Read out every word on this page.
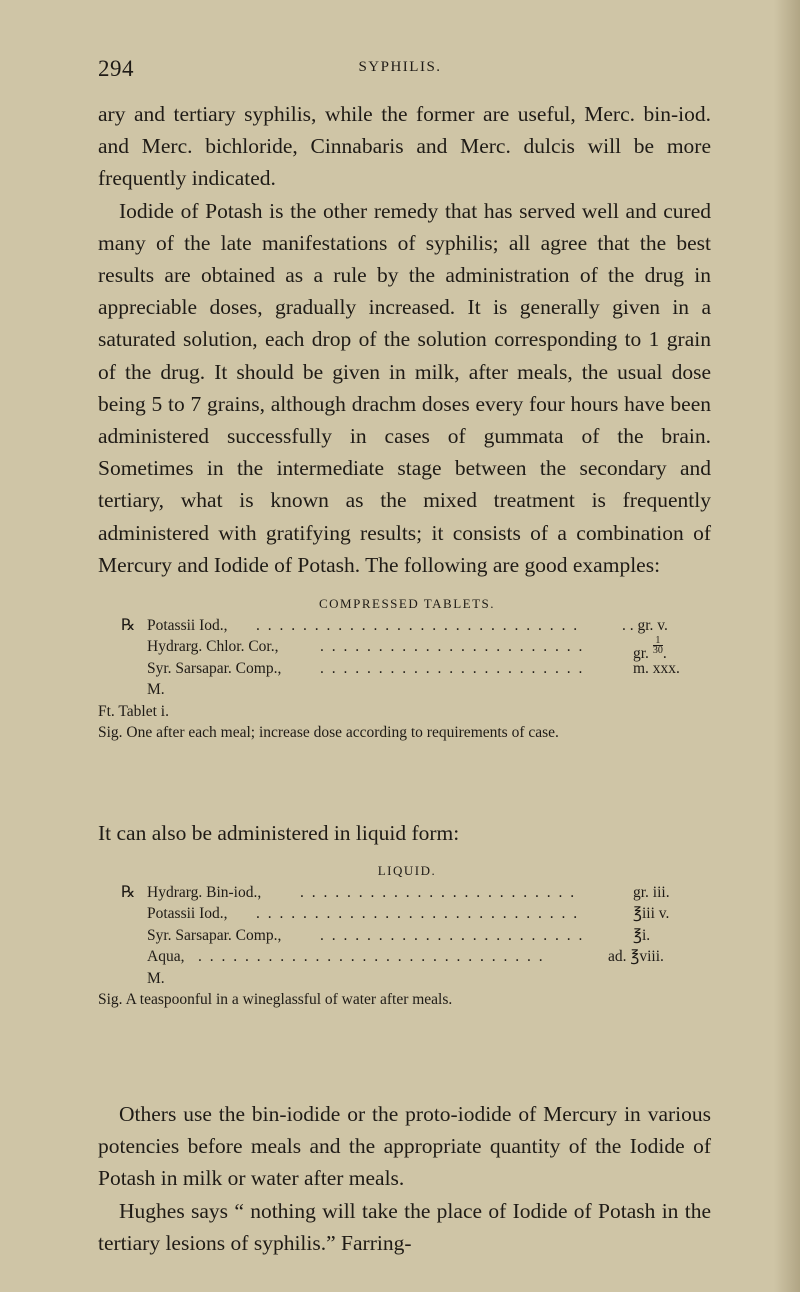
294	SYPHILIS.

ary and tertiary syphilis, while the former are useful, Merc. bin-iod. and Merc. bichloride, Cinnabaris and Merc. dulcis will be more frequently indicated.

Iodide of Potash is the other remedy that has served well and cured many of the late manifestations of syphilis; all agree that the best results are obtained as a rule by the administration of the drug in appreciable doses, gradually increased. It is generally given in a saturated solution, each drop of the solution corresponding to 1 grain of the drug. It should be given in milk, after meals, the usual dose being 5 to 7 grains, although drachm doses every four hours have been administered successfully in cases of gummata of the brain. Sometimes in the intermediate stage between the secondary and tertiary, what is known as the mixed treatment is frequently administered with gratifying results; it consists of a combination of Mercury and Iodide of Potash. The following are good examples:

COMPRESSED TABLETS.
℞ Potassii Iod., . . . . . . . . . . . . . . . . . . . . . . . . . . . .	. . gr. v.
Hydrarg. Chlor. Cor.,	. . . . . . . . . . . . . . . . . . . . . . .	gr. $\frac{1}{30}$ .
Syr. Sarsapar. Comp., . . . . . . . . . . . . . . . . . . . . . . .	m. xxx.
M.
Ft. Tablet i.
Sig. One after each meal; increase dose according to requirements of case.
It can also be administered in liquid form:
LIQUID.
℞ Hydrarg. Bin-iod.,	. . . . . . . . . . . . . . . . . . . . . . . .	gr. iii.
Potassii Iod., . . . . . . . . . . . . . . . . . . . . . . . . . . . .	℥iii v.
Syr. Sarsapar. Comp., . . . . . . . . . . . . . . . . . . . . . . .	℥i.
Aqua, . . . . . . . . . . . . . . . . . . . . . . . . . . . . . .	ad. ℥viii.
M.
Sig. A teaspoonful in a wineglassful of water after meals.

Others use the bin-iodide or the proto-iodide of Mercury in various potencies before meals and the appropriate quantity of the Iodide of Potash in milk or water after meals.

Hughes says “ nothing will take the place of Iodide of Potash in the tertiary lesions of syphilis.” Farring-
